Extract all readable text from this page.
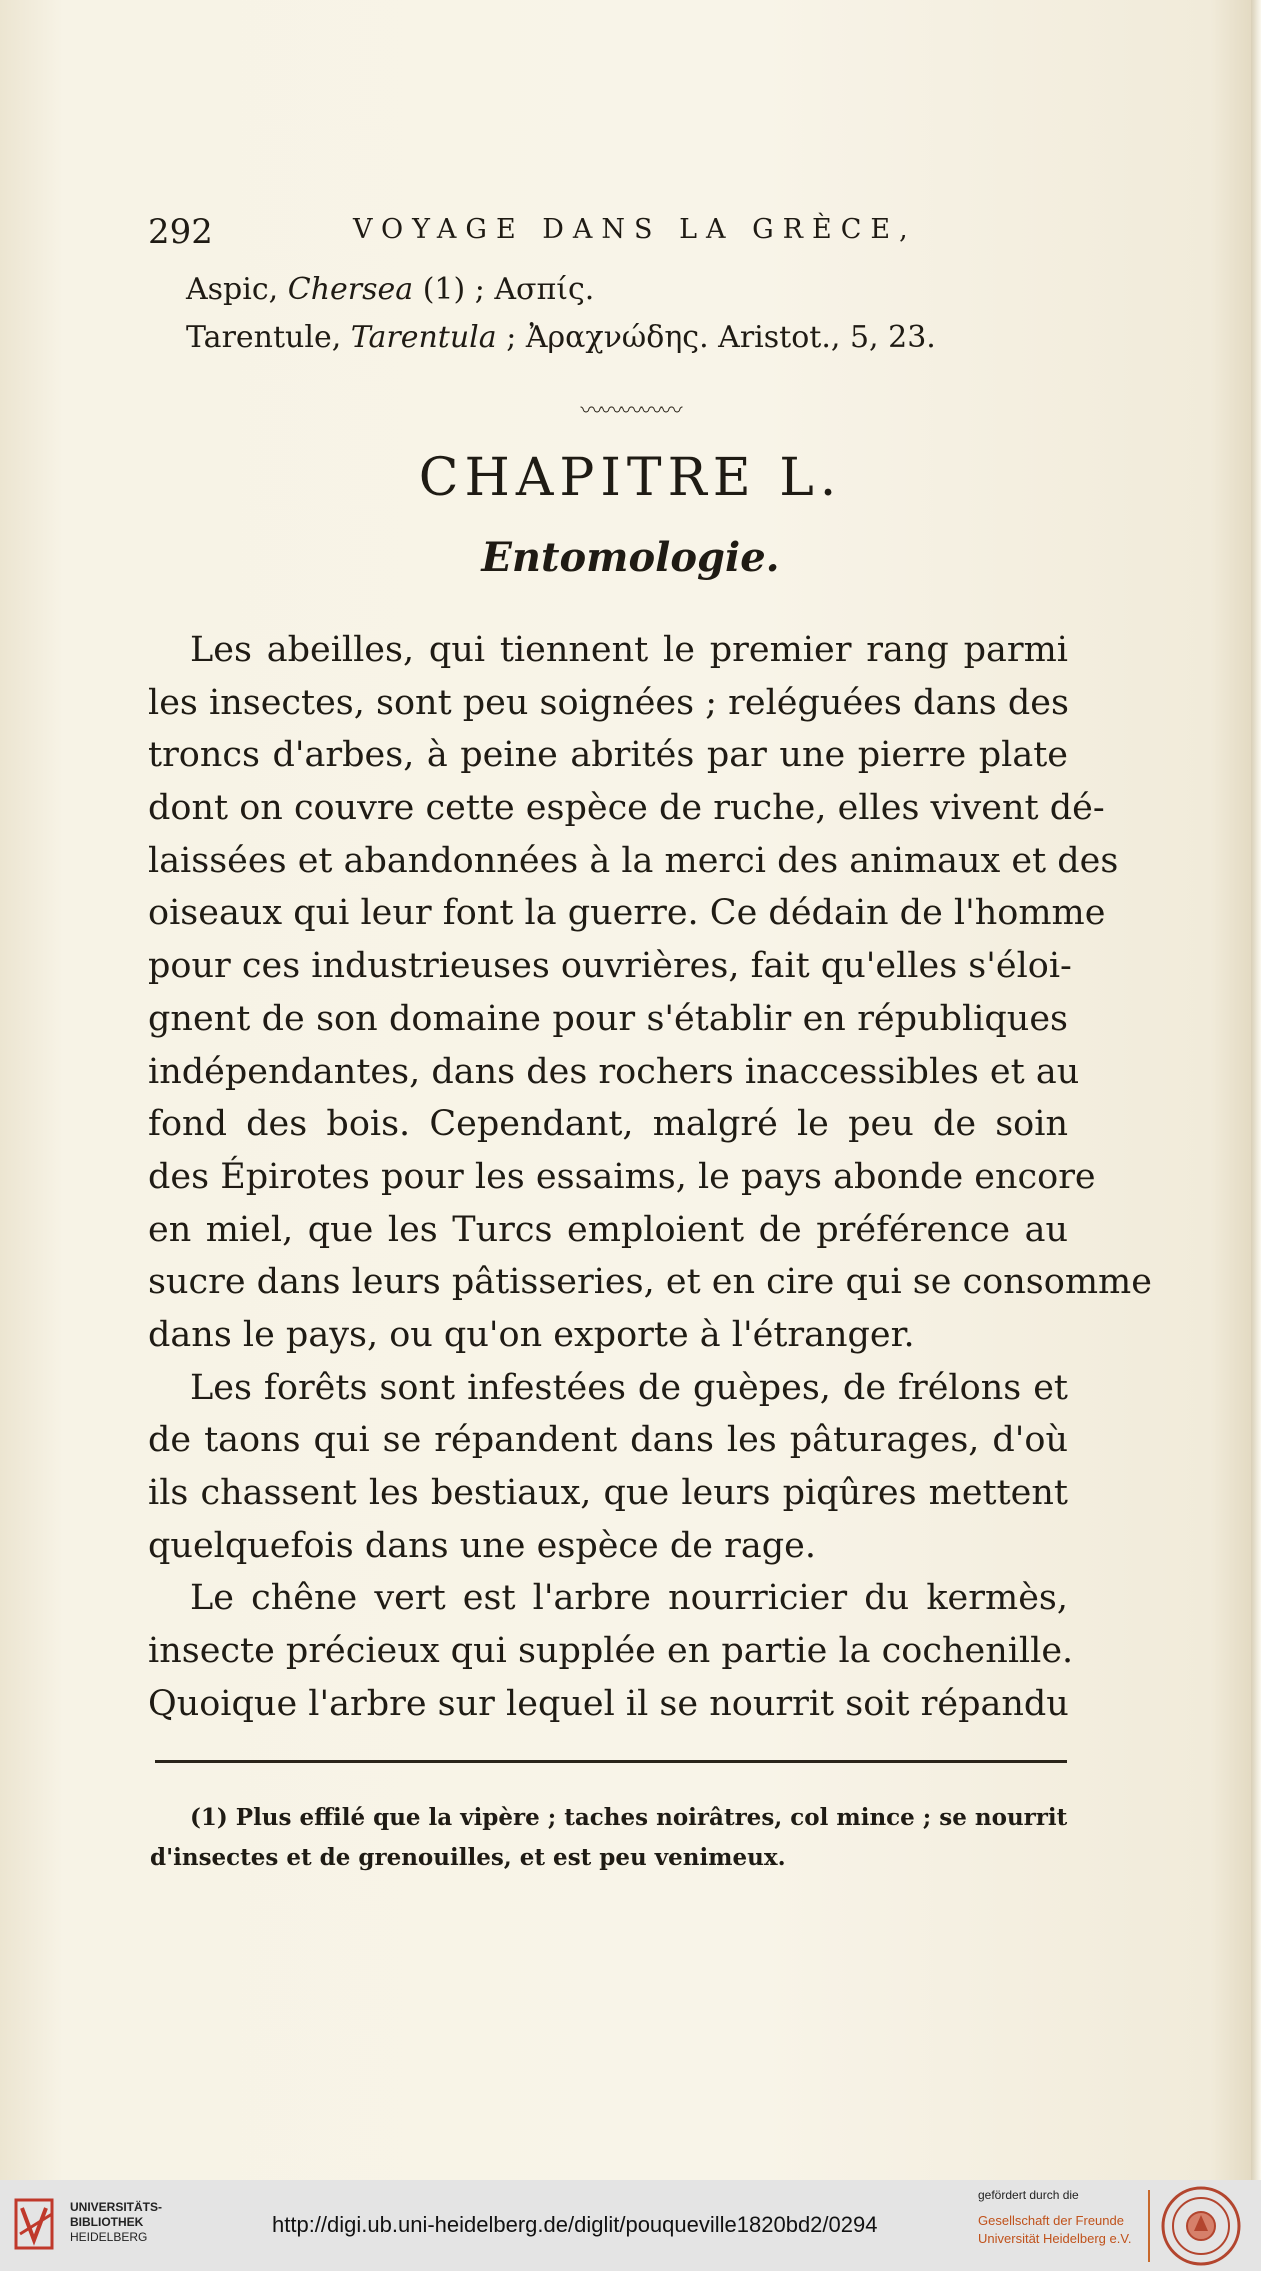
292	VOYAGE DANS LA GRÈCE,
Aspic, Chersea (1) ; Ασπίς.
Tarentule, Tarentula ; Ἀραχνώδης. Aristot., 5, 23.
〰〰〰〰〰
CHAPITRE L.
Entomologie.
Les abeilles, qui tiennent le premier rang parmi
les insectes, sont peu soignées ; reléguées dans des
troncs d'arbes, à peine abrités par une pierre plate
dont on couvre cette espèce de ruche, elles vivent dé-
laissées et abandonnées à la merci des animaux et des
oiseaux qui leur font la guerre. Ce dédain de l'homme
pour ces industrieuses ouvrières, fait qu'elles s'éloi-
gnent de son domaine pour s'établir en républiques
indépendantes, dans des rochers inaccessibles et au
fond des bois. Cependant, malgré le peu de soin
des Épirotes pour les essaims, le pays abonde encore
en miel, que les Turcs emploient de préférence au
sucre dans leurs pâtisseries, et en cire qui se consomme
dans le pays, ou qu'on exporte à l'étranger.
Les forêts sont infestées de guèpes, de frélons et
de taons qui se répandent dans les pâturages, d'où
ils chassent les bestiaux, que leurs piqûres mettent
quelquefois dans une espèce de rage.
Le chêne vert est l'arbre nourricier du kermès,
insecte précieux qui supplée en partie la cochenille.
Quoique l'arbre sur lequel il se nourrit soit répandu
(1) Plus effilé que la vipère ; taches noirâtres, col mince ; se nourrit
d'insectes et de grenouilles, et est peu venimeux.
UNIVERSITÄTS-
BIBLIOTHEK
HEIDELBERG	http://digi.ub.uni-heidelberg.de/diglit/pouqueville1820bd2/0294
gefördert durch die
Gesellschaft der Freunde
Universität Heidelberg e.V.
